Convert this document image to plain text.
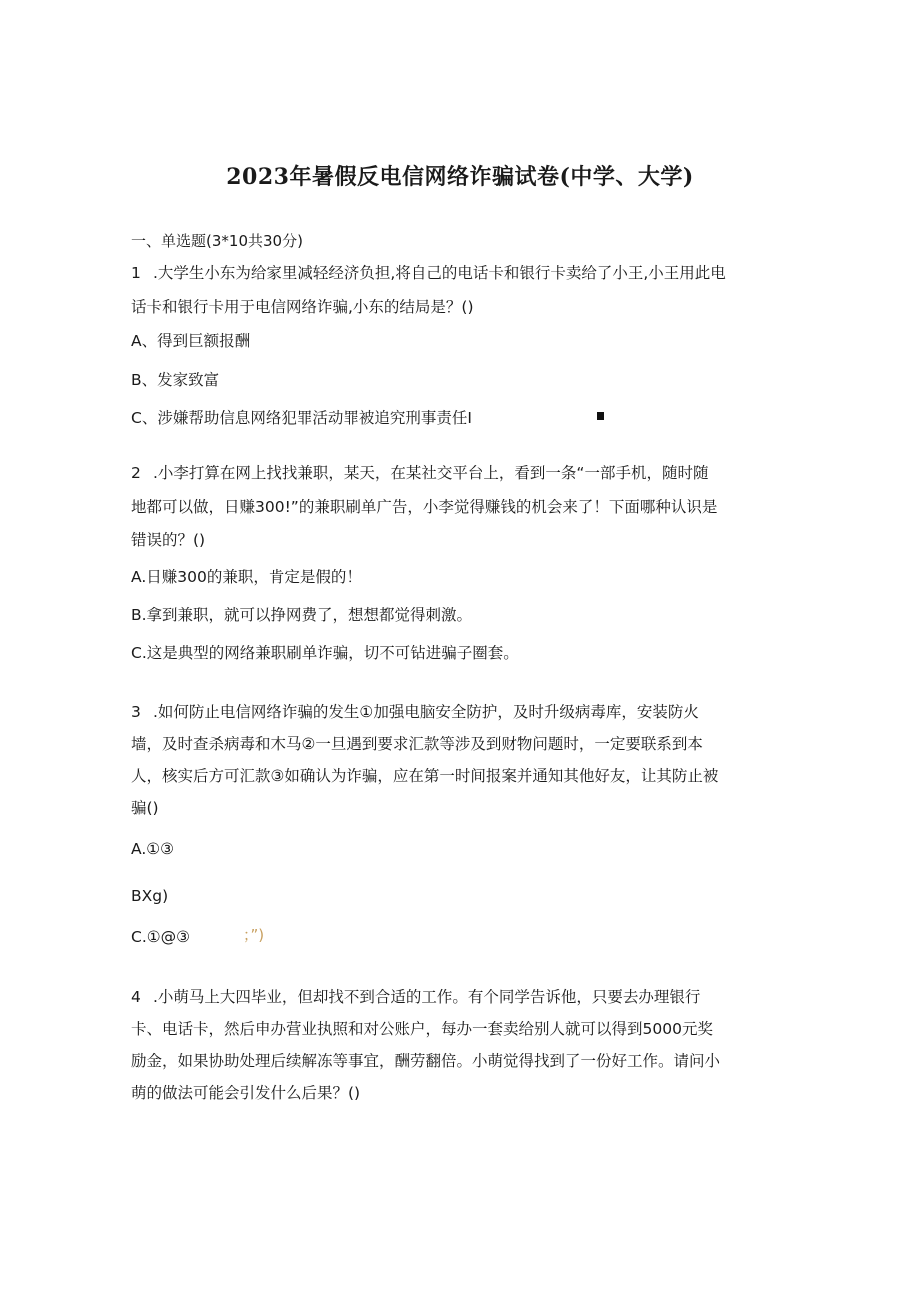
2023年暑假反电信网络诈骗试卷(中学、大学)
一、单选题(3*10共30分)
1 .大学生小东为给家里减轻经济负担,将自己的电话卡和银行卡卖给了小王,小王用此电
话卡和银行卡用于电信网络诈骗,小东的结局是？()
A、得到巨额报酬
B、发家致富
C、涉嫌帮助信息网络犯罪活动罪被追究刑事责任I
2 .小李打算在网上找找兼职，某天，在某社交平台上，看到一条“一部手机，随时随
地都可以做，日赚300!”的兼职刷单广告，小李觉得赚钱的机会来了！下面哪种认识是
错误的？()
A.日赚300的兼职，肯定是假的！
B.拿到兼职，就可以挣网费了，想想都觉得刺激。
C.这是典型的网络兼职刷单诈骗，切不可钻进骗子圈套。
3 .如何防止电信网络诈骗的发生①加强电脑安全防护，及时升级病毒库，安装防火
墙，及时查杀病毒和木马②一旦遇到要求汇款等涉及到财物问题时，一定要联系到本
人，核实后方可汇款③如确认为诈骗，应在第一时间报案并通知其他好友，让其防止被
骗()
A.①③
BXg)
C.①@③	；”)
4 .小萌马上大四毕业，但却找不到合适的工作。有个同学告诉他，只要去办理银行
卡、电话卡，然后申办营业执照和对公账户，每办一套卖给别人就可以得到5000元奖
励金，如果协助处理后续解冻等事宜，酬劳翻倍。小萌觉得找到了一份好工作。请问小
萌的做法可能会引发什么后果？()
